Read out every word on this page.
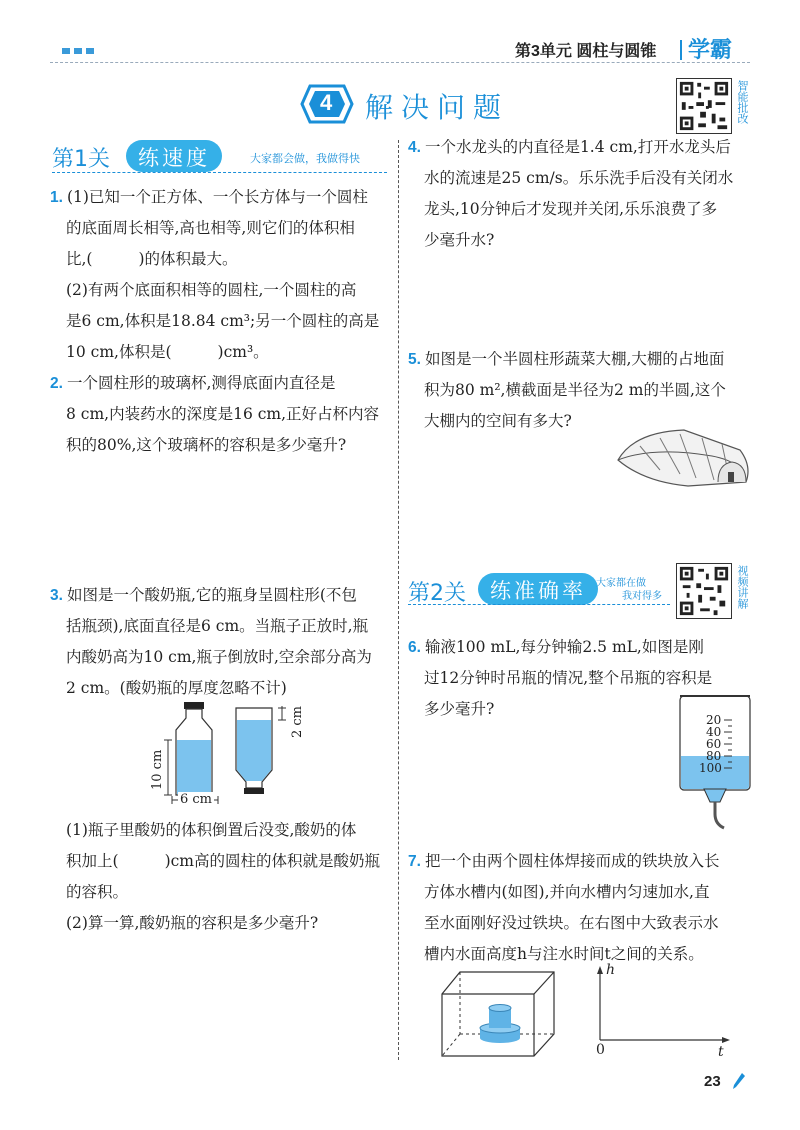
第3单元 圆柱与圆锥 学霸
4 解决问题	智能批改
第1关	练速度	大家都会做，我做得快
1. (1)已知一个正方体、一个长方体与一个圆柱
的底面周长相等,高也相等,则它们的体积相
比,(	)的体积最大。
(2)有两个底面积相等的圆柱,一个圆柱的高
是6 cm,体积是18.84 cm³;另一个圆柱的高是
10 cm,体积是(	)cm³。
2. 一个圆柱形的玻璃杯,测得底面内直径是
8 cm,内装药水的深度是16 cm,正好占杯内容
积的80%,这个玻璃杯的容积是多少毫升?
3. 如图是一个酸奶瓶,它的瓶身呈圆柱形(不包
括瓶颈),底面直径是6 cm。当瓶子正放时,瓶
内酸奶高为10 cm,瓶子倒放时,空余部分高为
2 cm。(酸奶瓶的厚度忽略不计)
10 cm
6 cm
2 cm
(1)瓶子里酸奶的体积倒置后没变,酸奶的体
积加上(	)cm高的圆柱的体积就是酸奶瓶
的容积。
(2)算一算,酸奶瓶的容积是多少毫升?
4. 一个水龙头的内直径是1.4 cm,打开水龙头后
水的流速是25 cm/s。乐乐洗手后没有关闭水
龙头,10分钟后才发现并关闭,乐乐浪费了多
少毫升水?
5. 如图是一个半圆柱形蔬菜大棚,大棚的占地面
积为80 m²,横截面是半径为2 m的半圆,这个
大棚内的空间有多大?
第2关	练准确率	大家都在做
我对得多	视频讲解
6. 输液100 mL,每分钟输2.5 mL,如图是刚
过12分钟时吊瓶的情况,整个吊瓶的容积是
多少毫升?
20
40
60
80
100
7. 把一个由两个圆柱体焊接而成的铁块放入长
方体水槽内(如图),并向水槽内匀速加水,直
至水面刚好没过铁块。在右图中大致表示水
槽内水面高度h与注水时间t之间的关系。
h
t
0
23
